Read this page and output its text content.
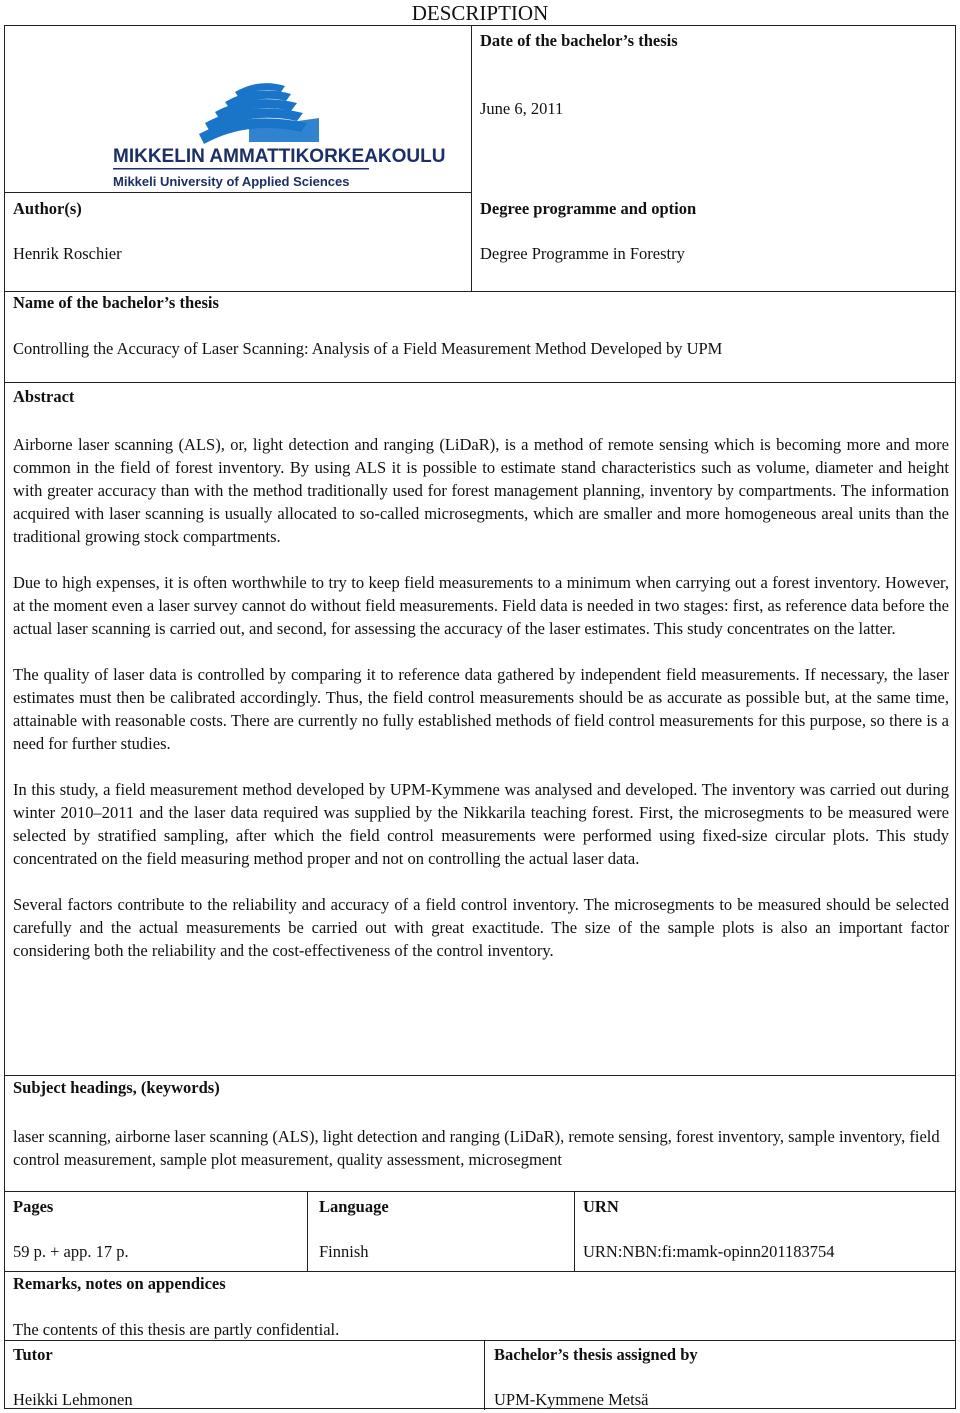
DESCRIPTION
MIKKELIN AMMATTIKORKEAKOULU
Mikkeli University of Applied Sciences
Date of the bachelor’s thesis
June 6, 2011
Author(s)
Henrik Roschier
Degree programme and option
Degree Programme in Forestry
Name of the bachelor’s thesis
Controlling the Accuracy of Laser Scanning: Analysis of a Field Measurement Method Developed by UPM
Abstract

Airborne laser scanning (ALS), or, light detection and ranging (LiDaR), is a method of remote sensing which is becoming more and more common in the field of forest inventory. By using ALS it is possible to estimate stand characteristics such as volume, diameter and height with greater accuracy than with the method traditionally used for forest management planning, inventory by compartments. The information acquired with laser scanning is usually allocated to so-called microsegments, which are smaller and more homogeneous areal units than the traditional growing stock compartments.

Due to high expenses, it is often worthwhile to try to keep field measurements to a minimum when carrying out a forest inventory. However, at the moment even a laser survey cannot do without field measurements. Field data is needed in two stages: first, as reference data before the actual laser scanning is carried out, and second, for assessing the accuracy of the laser estimates. This study concentrates on the latter.

The quality of laser data is controlled by comparing it to reference data gathered by independent field measurements. If necessary, the laser estimates must then be calibrated accordingly. Thus, the field control measurements should be as accurate as possible but, at the same time, attainable with reasonable costs. There are currently no fully established methods of field control measurements for this purpose, so there is a need for further studies.

In this study, a field measurement method developed by UPM-Kymmene was analysed and developed. The inventory was carried out during winter 2010–2011 and the laser data required was supplied by the Nikkarila teaching forest. First, the microsegments to be measured were selected by stratified sampling, after which the field control measurements were performed using fixed-size circular plots. This study concentrated on the field measuring method proper and not on controlling the actual laser data.

Several factors contribute to the reliability and accuracy of a field control inventory. The microsegments to be measured should be selected carefully and the actual measurements be carried out with great exactitude. The size of the sample plots is also an important factor considering both the reliability and the cost-effectiveness of the control inventory.

Subject headings, (keywords)
laser scanning, airborne laser scanning (ALS), light detection and ranging (LiDaR), remote sensing, forest inventory, sample inventory, field control measurement, sample plot measurement, quality assessment, microsegment
Pages
59 p. + app. 17 p.
Language
Finnish
URN
URN:NBN:fi:mamk-opinn201183754
Remarks, notes on appendices
The contents of this thesis are partly confidential.
Tutor
Heikki Lehmonen
Bachelor’s thesis assigned by
UPM-Kymmene Metsä
